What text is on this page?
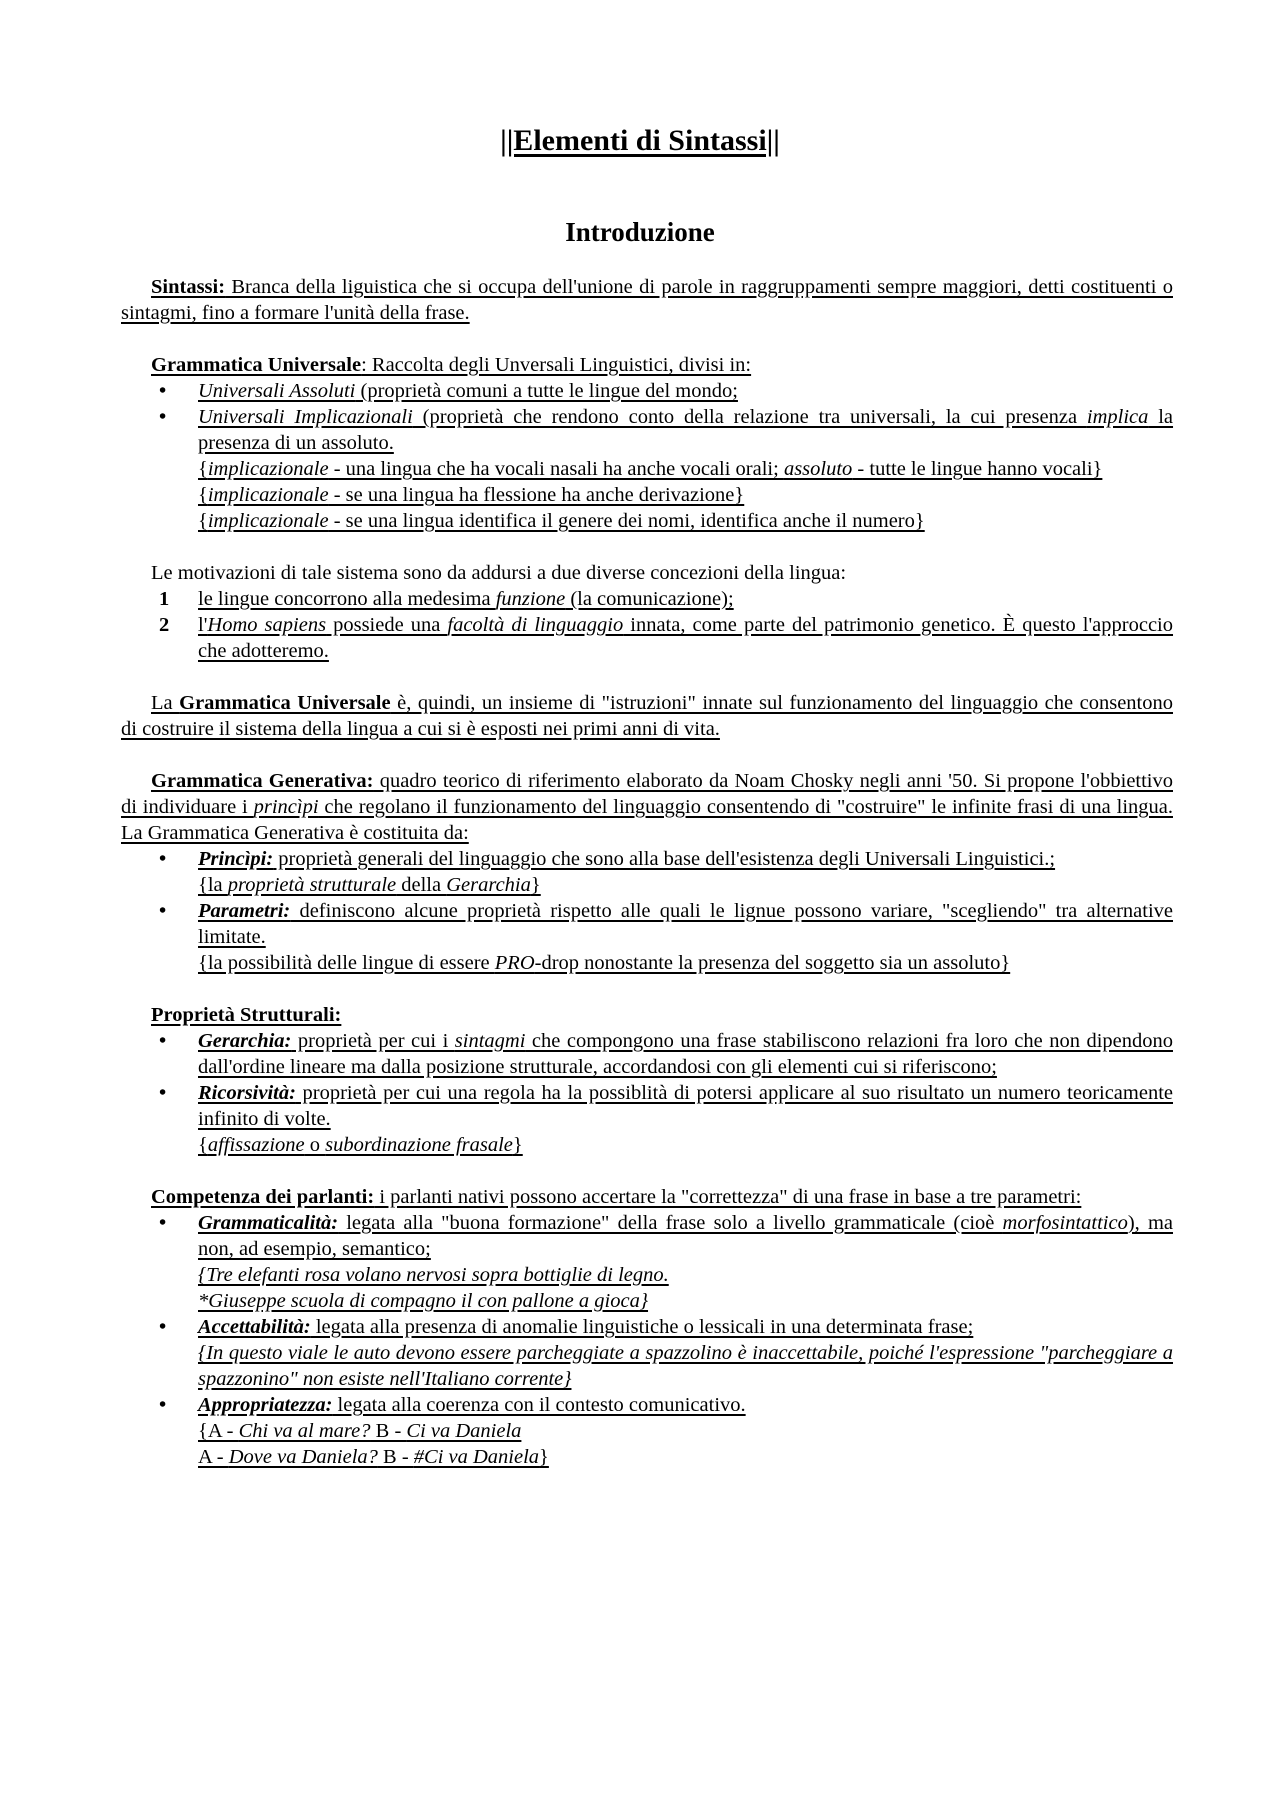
||Elementi di Sintassi||
Introduzione

Sintassi: Branca della liguistica che si occupa dell'unione di parole in raggruppamenti sempre maggiori, detti costituenti o sintagmi, fino a formare l'unità della frase.

Grammatica Universale: Raccolta degli Unversali Linguistici, divisi in:

• Universali Assoluti (proprietà comuni a tutte le lingue del mondo;
• Universali Implicazionali (proprietà che rendono conto della relazione tra universali, la cui presenza implica la presenza di un assoluto.
{implicazionale - una lingua che ha vocali nasali ha anche vocali orali; assoluto - tutte le lingue hanno vocali}
{implicazionale - se una lingua ha flessione ha anche derivazione}
{implicazionale - se una lingua identifica il genere dei nomi, identifica anche il numero}

Le motivazioni di tale sistema sono da addursi a due diverse concezioni della lingua:

1 le lingue concorrono alla medesima funzione (la comunicazione);
2 l'Homo sapiens possiede una facoltà di linguaggio innata, come parte del patrimonio genetico. È questo l'approccio che adotteremo.

La Grammatica Universale è, quindi, un insieme di "istruzioni" innate sul funzionamento del linguaggio che consentono di costruire il sistema della lingua a cui si è esposti nei primi anni di vita.

Grammatica Generativa: quadro teorico di riferimento elaborato da Noam Chosky negli anni '50. Si propone l'obbiettivo di individuare i princìpi che regolano il funzionamento del linguaggio consentendo di "costruire" le infinite frasi di una lingua. La Grammatica Generativa è costituita da:

• Princìpi: proprietà generali del linguaggio che sono alla base dell'esistenza degli Universali Linguistici.;
{la proprietà strutturale della Gerarchia}
• Parametri: definiscono alcune proprietà rispetto alle quali le lignue possono variare, "scegliendo" tra alternative limitate.
{la possibilità delle lingue di essere PRO-drop nonostante la presenza del soggetto sia un assoluto}

Proprietà Strutturali:

• Gerarchia: proprietà per cui i sintagmi che compongono una frase stabiliscono relazioni fra loro che non dipendono dall'ordine lineare ma dalla posizione strutturale, accordandosi con gli elementi cui si riferiscono;
• Ricorsività: proprietà per cui una regola ha la possiblità di potersi applicare al suo risultato un numero teoricamente infinito di volte.
{affissazione o subordinazione frasale}

Competenza dei parlanti: i parlanti nativi possono accertare la "correttezza" di una frase in base a tre parametri:

• Grammaticalità: legata alla "buona formazione" della frase solo a livello grammaticale (cioè morfosintattico), ma non, ad esempio, semantico;
{Tre elefanti rosa volano nervosi sopra bottiglie di legno.
*Giuseppe scuola di compagno il con pallone a gioca}
• Accettabilità: legata alla presenza di anomalie linguistiche o lessicali in una determinata frase;
{In questo viale le auto devono essere parcheggiate a spazzolino è inaccettabile, poiché l'espressione "parcheggiare a spazzonino" non esiste nell'Italiano corrente}
• Appropriatezza: legata alla coerenza con il contesto comunicativo.
{A - Chi va al mare? B - Ci va Daniela
A - Dove va Daniela? B - #Ci va Daniela}
